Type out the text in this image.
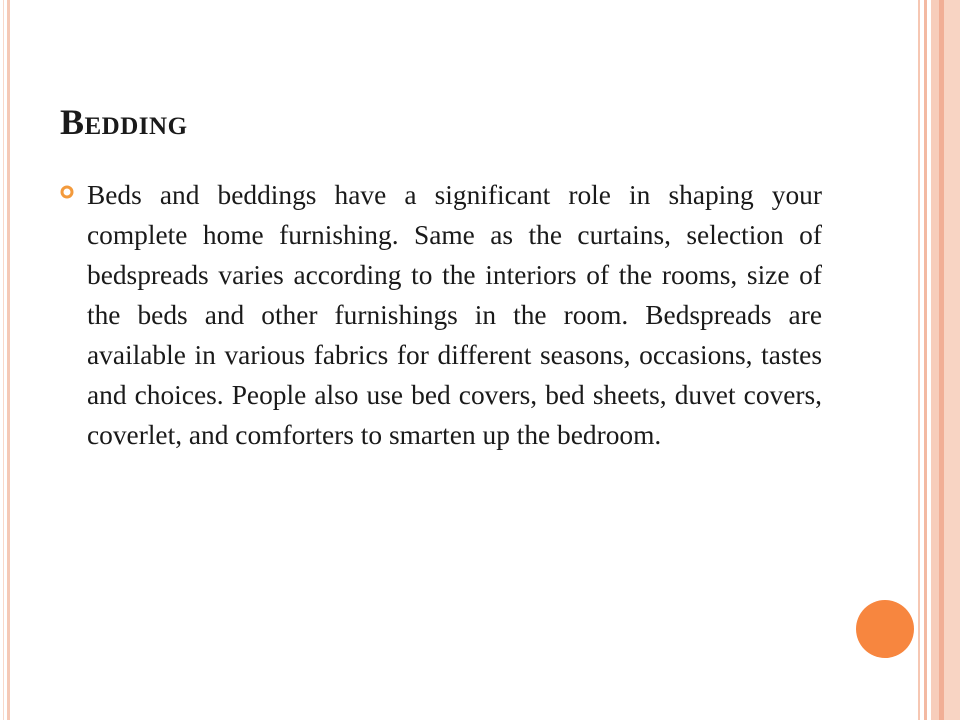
Bedding

Beds and beddings have a significant role in shaping your complete home furnishing. Same as the curtains, selection of bedspreads varies according to the interiors of the rooms, size of the beds and other furnishings in the room. Bedspreads are available in various fabrics for different seasons, occasions, tastes and choices. People also use bed covers, bed sheets, duvet covers, coverlet, and comforters to smarten up the bedroom.
